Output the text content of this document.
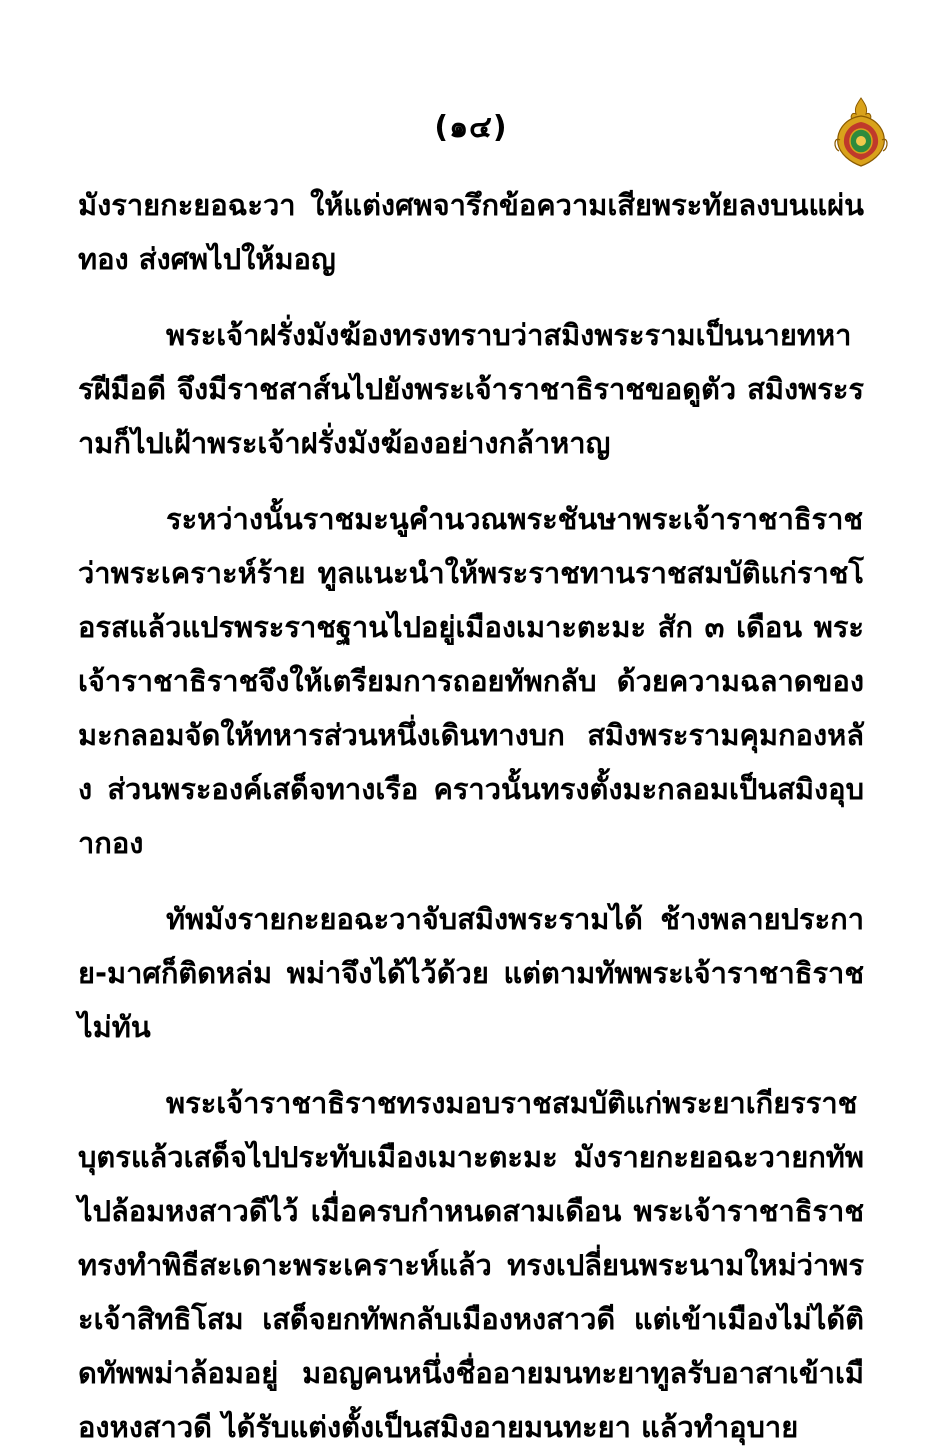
(๑๔)

มังรายกะยอฉะวา ให้แต่งศพจารึกข้อความเสียพระทัยลงบนแผ่นทอง ส่งศพไปให้มอญ

พระเจ้าฝรั่งมังฆ้องทรงทราบว่าสมิงพระรามเป็นนายทหารฝีมือดี จึงมีราชสาส์นไปยังพระเจ้าราชาธิราชขอดูตัว สมิงพระรามก็ไปเฝ้าพระเจ้าฝรั่งมังฆ้องอย่างกล้าหาญ

ระหว่างนั้นราชมะนูคำนวณพระชันษาพระเจ้าราชาธิราชว่าพระเคราะห์ร้าย ทูลแนะนำให้พระราชทานราชสมบัติแก่ราชโอรสแล้วแปรพระราชฐานไปอยู่เมืองเมาะตะมะ สัก ๓ เดือน พระเจ้าราชาธิราชจึงให้เตรียมการถอยทัพกลับ ด้วยความฉลาดของมะกลอมจัดให้ทหารส่วนหนึ่งเดินทางบก สมิงพระรามคุมกองหลัง ส่วนพระองค์เสด็จทางเรือ คราวนั้นทรงตั้งมะกลอมเป็นสมิงอุบากอง

ทัพมังรายกะยอฉะวาจับสมิงพระรามได้ ช้างพลายประกาย-มาศก็ติดหล่ม พม่าจึงได้ไว้ด้วย แต่ตามทัพพระเจ้าราชาธิราชไม่ทัน

พระเจ้าราชาธิราชทรงมอบราชสมบัติแก่พระยาเกียรราชบุตรแล้วเสด็จไปประทับเมืองเมาะตะมะ มังรายกะยอฉะวายกทัพไปล้อมหงสาวดีไว้ เมื่อครบกำหนดสามเดือน พระเจ้าราชาธิราชทรงทำพิธีสะเดาะพระเคราะห์แล้ว ทรงเปลี่ยนพระนามใหม่ว่าพระเจ้าสิทธิโสม เสด็จยกทัพกลับเมืองหงสาวดี แต่เข้าเมืองไม่ได้ติดทัพพม่าล้อมอยู่ มอญคนหนึ่งชื่ออายมนทะยาทูลรับอาสาเข้าเมืองหงสาวดี ได้รับแต่งตั้งเป็นสมิงอายมนทะยา แล้วทำอุบาย
